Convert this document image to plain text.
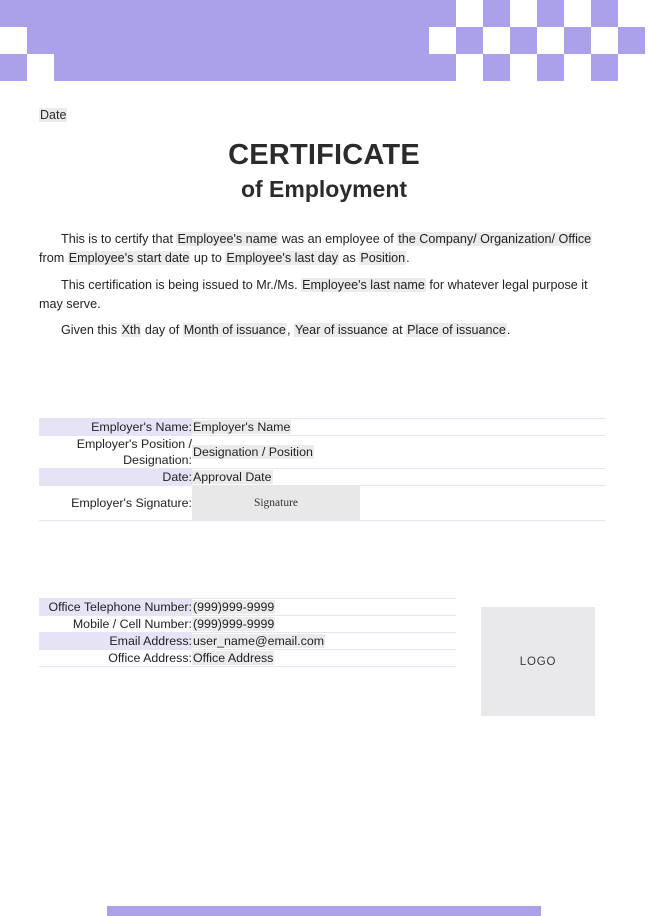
Date
CERTIFICATE
of Employment
This is to certify that Employee's name was an employee of the Company/ Organization/ Office from Employee's start date up to Employee's last day as Position.
This certification is being issued to Mr./Ms. Employee's last name for whatever legal purpose it may serve.
Given this Xth day of Month of issuance, Year of issuance at Place of issuance.
Employer's Name:	Employer's Name
Employer's Position / Designation:	Designation / Position
Date:	Approval Date
Employer's Signature:	Signature
Office Telephone Number:	(999)999-9999
Mobile / Cell Number:	(999)999-9999
Email Address:	user_name@email.com
Office Address:	Office Address	LOGO
